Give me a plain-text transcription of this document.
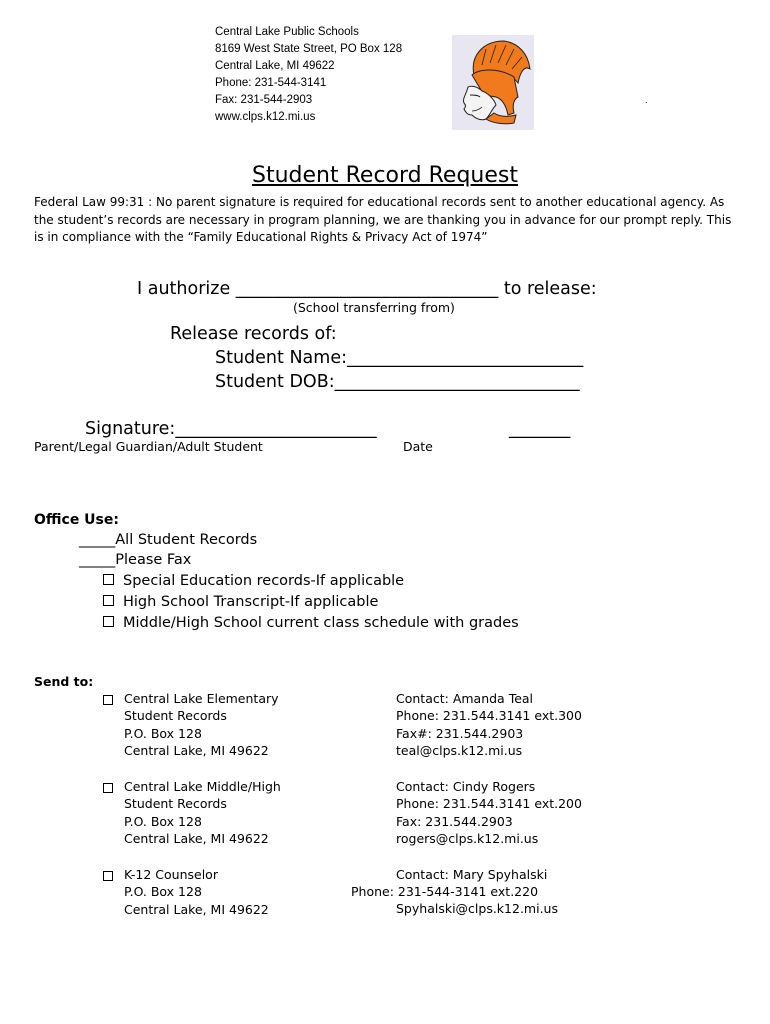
Central Lake Public Schools
8169 West State Street, PO Box 128
Central Lake, MI 49622
Phone: 231-544-3141
Fax: 231-544-2903
www.clps.k12.mi.us
.
Student Record Request
Federal Law 99:31 : No parent signature is required for educational records sent to another educational agency. As the student’s records are necessary in program planning, we are thanking you in advance for our prompt reply. This is in compliance with the “Family Educational Rights & Privacy Act of 1974”
I authorize ______________________________ to release:
(School transferring from)
Release records of:
Student Name:___________________________
Student DOB:____________________________
Signature:_______________________	_______
Parent/Legal Guardian/Adult Student	Date
Office Use:
_____All Student Records
_____Please Fax
Special Education records-If applicable
High School Transcript-If applicable
Middle/High School current class schedule with grades
Send to:
Central Lake Elementary
Student Records
P.O. Box 128
Central Lake, MI 49622
Contact: Amanda Teal
Phone: 231.544.3141 ext.300
Fax#: 231.544.2903
teal@clps.k12.mi.us
Central Lake Middle/High
Student Records
P.O. Box 128
Central Lake, MI 49622
Contact: Cindy Rogers
Phone: 231.544.3141 ext.200
Fax: 231.544.2903
rogers@clps.k12.mi.us
K-12 Counselor
P.O. Box 128
Central Lake, MI 49622
Contact: Mary Spyhalski
Phone: 231-544-3141 ext.220
Spyhalski@clps.k12.mi.us
